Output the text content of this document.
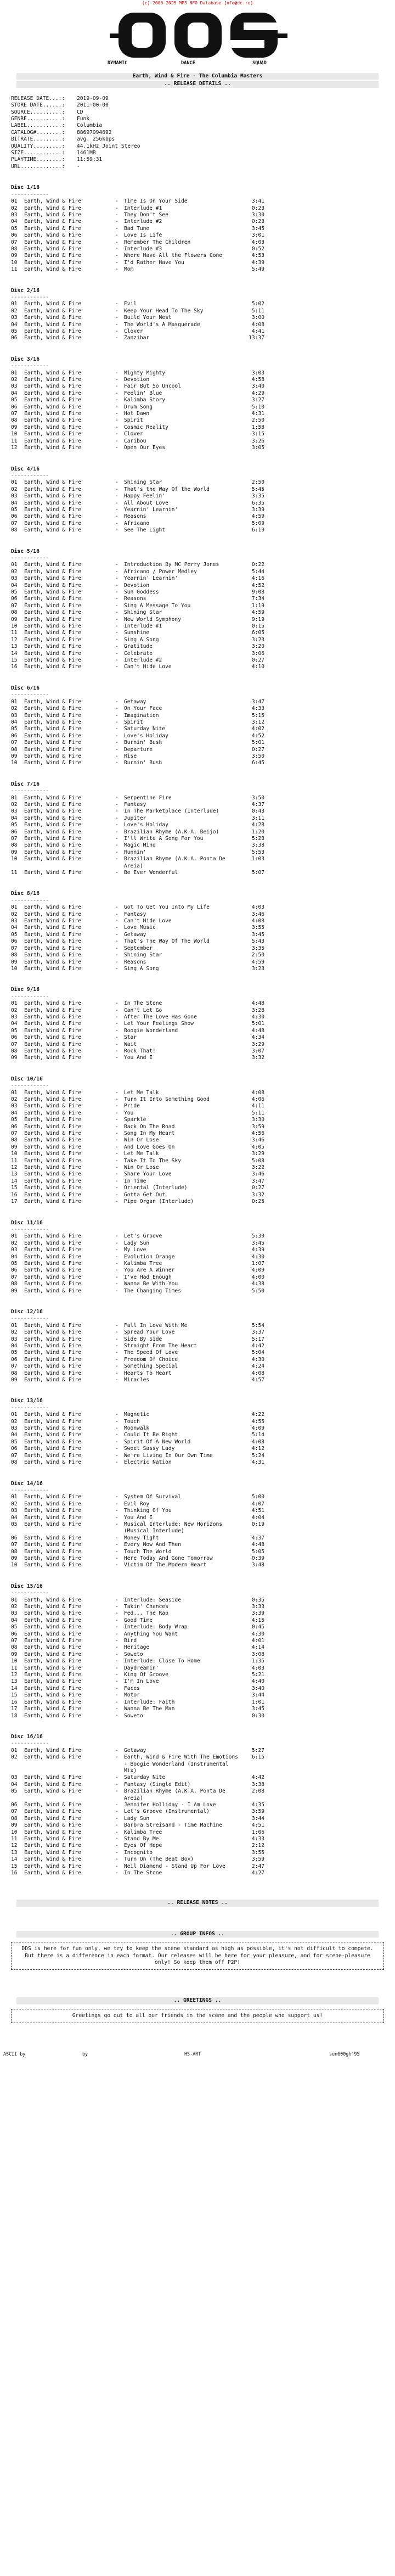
(c) 2006-2025 MP3 NFO Database [nfo@dc.ru]
DYNAMIC	DANCE	SQUAD
Earth, Wind & Fire - The Columbia Masters
.. RELEASE DETAILS ..
RELEASE DATE....:	2019-09-09
STORE DATE......:	2011-00-00
SOURCE..........:	CD
GENRE...........:	Funk
LABEL...........:	Columbia
CATALOG#........:	88697994692
BITRATE.........:	avg. 256kbps
QUALITY.........:	44.1kHz Joint Stereo
SIZE............:	1461MB
PLAYTIME........:	11:59:31
URL.............:	-
Disc 1/16
------------
01	Earth, Wind & Fire	-	Time Is On Your Side	3:41
02	Earth, Wind & Fire	-	Interlude #1	0:23
03	Earth, Wind & Fire	-	They Don't See	3:30
04	Earth, Wind & Fire	-	Interlude #2	0:23
05	Earth, Wind & Fire	-	Bad Tune	3:45
06	Earth, Wind & Fire	-	Love Is Life	3:01
07	Earth, Wind & Fire	-	Remember The Children	4:03
08	Earth, Wind & Fire	-	Interlude #3	0:52
09	Earth, Wind & Fire	-	Where Have All the Flowers Gone	4:53
10	Earth, Wind & Fire	-	I'd Rather Have You	4:39
11	Earth, Wind & Fire	-	Mom	5:49
Disc 2/16
------------
01	Earth, Wind & Fire	-	Evil	5:02
02	Earth, Wind & Fire	-	Keep Your Head To The Sky	5:11
03	Earth, Wind & Fire	-	Build Your Nest	3:00
04	Earth, Wind & Fire	-	The World's A Masquerade	4:08
05	Earth, Wind & Fire	-	Clover	4:41
06	Earth, Wind & Fire	-	Zanzibar	13:37
Disc 3/16
------------
01	Earth, Wind & Fire	-	Mighty Mighty	3:03
02	Earth, Wind & Fire	-	Devotion	4:58
03	Earth, Wind & Fire	-	Fair But So Uncool	3:40
04	Earth, Wind & Fire	-	Feelin' Blue	4:29
05	Earth, Wind & Fire	-	Kalimba Story	3:27
06	Earth, Wind & Fire	-	Drum Song	5:10
07	Earth, Wind & Fire	-	Hot Dawn	4:31
08	Earth, Wind & Fire	-	Spirit	2:50
09	Earth, Wind & Fire	-	Cosmic Reality	1:58
10	Earth, Wind & Fire	-	Clover	3:15
11	Earth, Wind & Fire	-	Caribou	3:26
12	Earth, Wind & Fire	-	Open Our Eyes	3:05
Disc 4/16
------------
01	Earth, Wind & Fire	-	Shining Star	2:50
02	Earth, Wind & Fire	-	That's the Way Of the World	5:45
03	Earth, Wind & Fire	-	Happy Feelin'	3:35
04	Earth, Wind & Fire	-	All About Love	6:35
05	Earth, Wind & Fire	-	Yearnin' Learnin'	3:39
06	Earth, Wind & Fire	-	Reasons	4:59
07	Earth, Wind & Fire	-	Africano	5:09
08	Earth, Wind & Fire	-	See The Light	6:19
Disc 5/16
------------
01	Earth, Wind & Fire	-	Introduction By MC Perry Jones	0:22
02	Earth, Wind & Fire	-	Africano / Power Medley	5:44
03	Earth, Wind & Fire	-	Yearnin' Learnin'	4:16
04	Earth, Wind & Fire	-	Devotion	4:52
05	Earth, Wind & Fire	-	Sun Goddess	9:08
06	Earth, Wind & Fire	-	Reasons	7:34
07	Earth, Wind & Fire	-	Sing A Message To You	1:19
08	Earth, Wind & Fire	-	Shining Star	4:59
09	Earth, Wind & Fire	-	New World Symphony	9:19
10	Earth, Wind & Fire	-	Interlude #1	0:15
11	Earth, Wind & Fire	-	Sunshine	6:05
12	Earth, Wind & Fire	-	Sing A Song	3:23
13	Earth, Wind & Fire	-	Gratitude	3:20
14	Earth, Wind & Fire	-	Celebrate	3:06
15	Earth, Wind & Fire	-	Interlude #2	0:27
16	Earth, Wind & Fire	-	Can't Hide Love	4:10
Disc 6/16
------------
01	Earth, Wind & Fire	-	Getaway	3:47
02	Earth, Wind & Fire	-	On Your Face	4:33
03	Earth, Wind & Fire	-	Imagination	5:15
04	Earth, Wind & Fire	-	Spirit	3:12
05	Earth, Wind & Fire	-	Saturday Nite	4:02
06	Earth, Wind & Fire	-	Love's Holiday	4:52
07	Earth, Wind & Fire	-	Burnin' Bush	5:01
08	Earth, Wind & Fire	-	Departure	0:27
09	Earth, Wind & Fire	-	Rise	3:50
10	Earth, Wind & Fire	-	Burnin' Bush	6:45
Disc 7/16
------------
01	Earth, Wind & Fire	-	Serpentine Fire	3:50
02	Earth, Wind & Fire	-	Fantasy	4:37
03	Earth, Wind & Fire	-	In The Marketplace (Interlude)	0:43
04	Earth, Wind & Fire	-	Jupiter	3:11
05	Earth, Wind & Fire	-	Love's Holiday	4:28
06	Earth, Wind & Fire	-	Brazilian Rhyme (A.K.A. Beijo)	1:20
07	Earth, Wind & Fire	-	I'll Write A Song For You	5:23
08	Earth, Wind & Fire	-	Magic Mind	3:38
09	Earth, Wind & Fire	-	Runnin'	5:53
10	Earth, Wind & Fire	-	Brazilian Rhyme (A.K.A. Ponta De Areia)
1:03
11	Earth, Wind & Fire	-	Be Ever Wonderful	5:07
Disc 8/16
------------
01	Earth, Wind & Fire	-	Got To Get You Into My Life	4:03
02	Earth, Wind & Fire	-	Fantasy	3:46
03	Earth, Wind & Fire	-	Can't Hide Love	4:08
04	Earth, Wind & Fire	-	Love Music	3:55
05	Earth, Wind & Fire	-	Getaway	3:45
06	Earth, Wind & Fire	-	That's The Way Of The World	5:43
07	Earth, Wind & Fire	-	September	3:35
08	Earth, Wind & Fire	-	Shining Star	2:50
09	Earth, Wind & Fire	-	Reasons	4:59
10	Earth, Wind & Fire	-	Sing A Song	3:23
Disc 9/16
------------
01	Earth, Wind & Fire	-	In The Stone	4:48
02	Earth, Wind & Fire	-	Can't Let Go	3:28
03	Earth, Wind & Fire	-	After The Love Has Gone	4:30
04	Earth, Wind & Fire	-	Let Your Feelings Show	5:01
05	Earth, Wind & Fire	-	Boogie Wonderland	4:48
06	Earth, Wind & Fire	-	Star	4:34
07	Earth, Wind & Fire	-	Wait	3:29
08	Earth, Wind & Fire	-	Rock That!	3:07
09	Earth, Wind & Fire	-	You And I	3:32
Disc 10/16
------------
01	Earth, Wind & Fire	-	Let Me Talk	4:08
02	Earth, Wind & Fire	-	Turn It Into Something Good	4:06
03	Earth, Wind & Fire	-	Pride	4:11
04	Earth, Wind & Fire	-	You	5:11
05	Earth, Wind & Fire	-	Sparkle	3:30
06	Earth, Wind & Fire	-	Back On The Road	3:59
07	Earth, Wind & Fire	-	Song In My Heart	4:56
08	Earth, Wind & Fire	-	Win Or Lose	3:46
09	Earth, Wind & Fire	-	And Love Goes On	4:05
10	Earth, Wind & Fire	-	Let Me Talk	3:29
11	Earth, Wind & Fire	-	Take It To The Sky	5:08
12	Earth, Wind & Fire	-	Win Or Lose	3:22
13	Earth, Wind & Fire	-	Share Your Love	3:46
14	Earth, Wind & Fire	-	In Time	3:47
15	Earth, Wind & Fire	-	Oriental (Interlude)	0:27
16	Earth, Wind & Fire	-	Gotta Get Out	3:32
17	Earth, Wind & Fire	-	Pipe Organ (Interlude)	0:25
Disc 11/16
------------
01	Earth, Wind & Fire	-	Let's Groove	5:39
02	Earth, Wind & Fire	-	Lady Sun	3:45
03	Earth, Wind & Fire	-	My Love	4:39
04	Earth, Wind & Fire	-	Evolution Orange	4:30
05	Earth, Wind & Fire	-	Kalimba Tree	1:07
06	Earth, Wind & Fire	-	You Are A Winner	4:09
07	Earth, Wind & Fire	-	I've Had Enough	4:00
08	Earth, Wind & Fire	-	Wanna Be With You	4:38
09	Earth, Wind & Fire	-	The Changing Times	5:50
Disc 12/16
------------
01	Earth, Wind & Fire	-	Fall In Love With Me	5:54
02	Earth, Wind & Fire	-	Spread Your Love	3:37
03	Earth, Wind & Fire	-	Side By Side	5:17
04	Earth, Wind & Fire	-	Straight From The Heart	4:42
05	Earth, Wind & Fire	-	The Speed Of Love	5:04
06	Earth, Wind & Fire	-	Freedom Of Choice	4:30
07	Earth, Wind & Fire	-	Something Special	4:24
08	Earth, Wind & Fire	-	Hearts To Heart	4:08
09	Earth, Wind & Fire	-	Miracles	4:57
Disc 13/16
------------
01	Earth, Wind & Fire	-	Magnetic	4:22
02	Earth, Wind & Fire	-	Touch	4:55
03	Earth, Wind & Fire	-	Moonwalk	4:09
04	Earth, Wind & Fire	-	Could It Be Right	5:14
05	Earth, Wind & Fire	-	Spirit Of A New World	4:08
06	Earth, Wind & Fire	-	Sweet Sassy Lady	4:12
07	Earth, Wind & Fire	-	We're Living In Our Own Time	5:24
08	Earth, Wind & Fire	-	Electric Nation	4:31
Disc 14/16
------------
01	Earth, Wind & Fire	-	System Of Survival	5:00
02	Earth, Wind & Fire	-	Evil Roy	4:07
03	Earth, Wind & Fire	-	Thinking Of You	4:51
04	Earth, Wind & Fire	-	You And I	4:04
05	Earth, Wind & Fire	-	Musical Interlude: New Horizons (Musical Interlude)
0:19
06	Earth, Wind & Fire	-	Money Tight	4:37
07	Earth, Wind & Fire	-	Every Now And Then	4:48
08	Earth, Wind & Fire	-	Touch The World	5:05
09	Earth, Wind & Fire	-	Here Today And Gone Tomorrow	0:39
10	Earth, Wind & Fire	-	Victim Of The Modern Heart	3:48
Disc 15/16
------------
01	Earth, Wind & Fire	-	Interlude: Seaside	0:35
02	Earth, Wind & Fire	-	Takin' Chances	3:33
03	Earth, Wind & Fire	-	Fed... The Rap	3:39
04	Earth, Wind & Fire	-	Good Time	4:15
05	Earth, Wind & Fire	-	Interlude: Body Wrap	0:45
06	Earth, Wind & Fire	-	Anything You Want	4:30
07	Earth, Wind & Fire	-	Bird	4:01
08	Earth, Wind & Fire	-	Heritage	4:14
09	Earth, Wind & Fire	-	Soweto	3:08
10	Earth, Wind & Fire	-	Interlude: Close To Home	1:35
11	Earth, Wind & Fire	-	Daydreamin'	4:03
12	Earth, Wind & Fire	-	King Of Groove	5:21
13	Earth, Wind & Fire	-	I'm In Love	4:40
14	Earth, Wind & Fire	-	Faces	3:40
15	Earth, Wind & Fire	-	Motor	3:44
16	Earth, Wind & Fire	-	Interlude: Faith	1:01
17	Earth, Wind & Fire	-	Wanna Be The Man	3:45
18	Earth, Wind & Fire	-	Soweto	0:30
Disc 16/16
------------
01	Earth, Wind & Fire	-	Getaway	5:27
02	Earth, Wind & Fire	-	Earth, Wind & Fire With The Emotions - Boogie Wonderland (Instrumental Mix)
6:15
03	Earth, Wind & Fire	-	Saturday Nite	4:42
04	Earth, Wind & Fire	-	Fantasy (Single Edit)	3:38
05	Earth, Wind & Fire	-	Brazilian Rhyme (A.K.A. Ponta De Areia)
2:08
06	Earth, Wind & Fire	-	Jennifer Holliday - I Am Love	4:35
07	Earth, Wind & Fire	-	Let's Groove (Instrumental)	3:59
08	Earth, Wind & Fire	-	Lady Sun	3:44
09	Earth, Wind & Fire	-	Barbra Streisand - Time Machine	4:51
10	Earth, Wind & Fire	-	Kalimba Tree	1:06
11	Earth, Wind & Fire	-	Stand By Me	4:33
12	Earth, Wind & Fire	-	Eyes Of Hope	2:12
13	Earth, Wind & Fire	-	Incognito	3:55
14	Earth, Wind & Fire	-	Turn On (The Beat Box)	3:59
15	Earth, Wind & Fire	-	Neil Diamond - Stand Up For Love	2:47
16	Earth, Wind & Fire	-	In The Stone	4:27
.. RELEASE NOTES ..
.. GROUP INFOS ..
DDS is here for fun only, we try to keep the scene standard as high as possible, it's not difficult to compete. But there is a difference in each format. Our releases will be here for your pleasure, and for scene-pleasure only! So keep them off P2P!
.. GREETINGS ..
Greetings go out to all our friends in the scene and the people who support us!
ASCII by	by	HS-ART	sun600gh'95
